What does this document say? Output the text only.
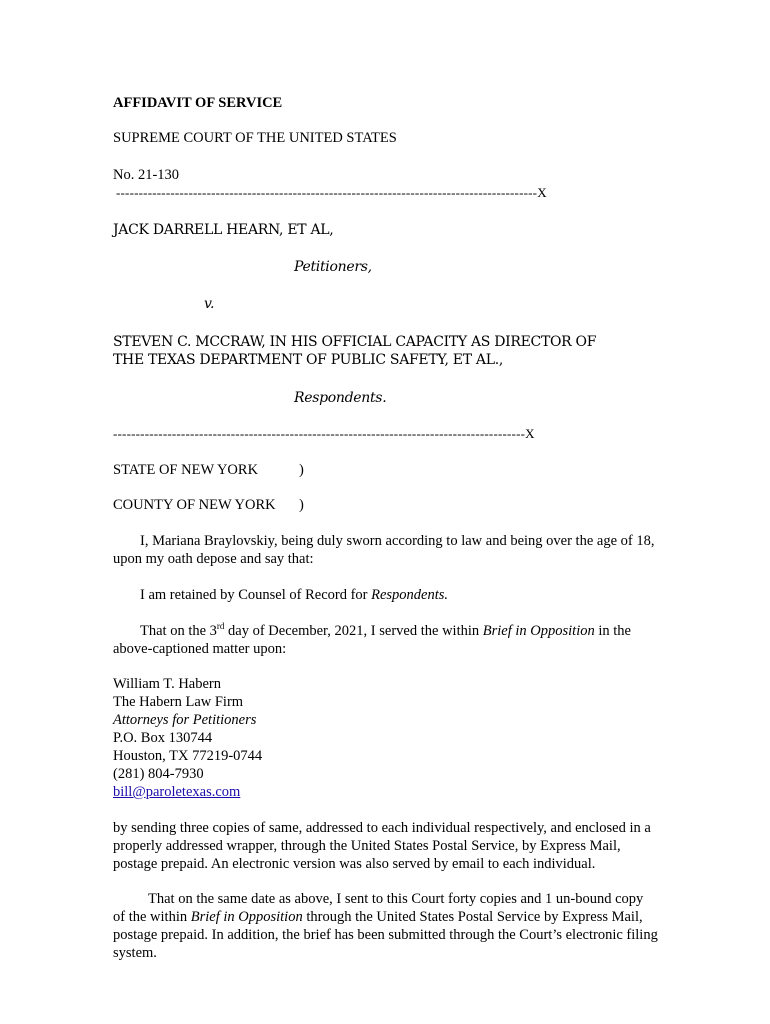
AFFIDAVIT OF SERVICE
SUPREME COURT OF THE UNITED STATES
No. 21-130
---------------------------------------------------------------------------------------------X
JACK DARRELL HEARN, ET AL,
Petitioners,
v.
STEVEN C. MCCRAW, IN HIS OFFICIAL CAPACITY AS DIRECTOR OF
THE TEXAS DEPARTMENT OF PUBLIC SAFETY, ET AL.,
Respondents.
-------------------------------------------------------------------------------------------X
STATE OF NEW YORK	)
COUNTY OF NEW YORK )
I, Mariana Braylovskiy, being duly sworn according to law and being over the age of 18, upon my oath depose and say that:
I am retained by Counsel of Record for Respondents.
That on the 3rd day of December, 2021, I served the within Brief in Opposition in the above-captioned matter upon:
William T. Habern
The Habern Law Firm
Attorneys for Petitioners
P.O. Box 130744
Houston, TX 77219-0744
(281) 804-7930
bill@paroletexas.com
by sending three copies of same, addressed to each individual respectively, and enclosed in a properly addressed wrapper, through the United States Postal Service, by Express Mail, postage prepaid. An electronic version was also served by email to each individual.
That on the same date as above, I sent to this Court forty copies and 1 un-bound copy of the within Brief in Opposition through the United States Postal Service by Express Mail, postage prepaid. In addition, the brief has been submitted through the Court’s electronic filing system.
